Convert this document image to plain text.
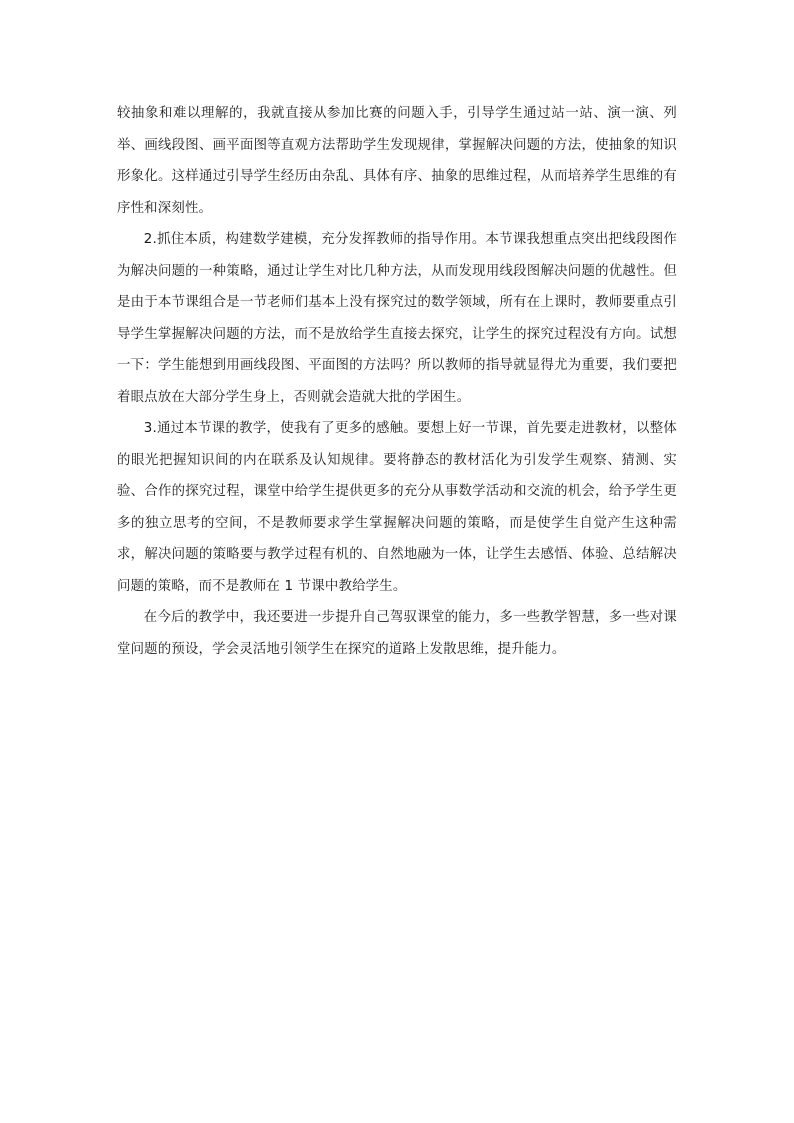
较抽象和难以理解的，我就直接从参加比赛的问题入手，引导学生通过站一站、演一演、列举、画线段图、画平面图等直观方法帮助学生发现规律，掌握解决问题的方法，使抽象的知识形象化。这样通过引导学生经历由杂乱、具体有序、抽象的思维过程，从而培养学生思维的有序性和深刻性。

2.抓住本质，构建数学建模，充分发挥教师的指导作用。本节课我想重点突出把线段图作为解决问题的一种策略，通过让学生对比几种方法，从而发现用线段图解决问题的优越性。但是由于本节课组合是一节老师们基本上没有探究过的数学领域，所有在上课时，教师要重点引导学生掌握解决问题的方法，而不是放给学生直接去探究，让学生的探究过程没有方向。试想一下：学生能想到用画线段图、平面图的方法吗？所以教师的指导就显得尤为重要，我们要把着眼点放在大部分学生身上，否则就会造就大批的学困生。

3.通过本节课的教学，使我有了更多的感触。要想上好一节课，首先要走进教材，以整体的眼光把握知识间的内在联系及认知规律。要将静态的教材活化为引发学生观察、猜测、实验、合作的探究过程，课堂中给学生提供更多的充分从事数学活动和交流的机会，给予学生更多的独立思考的空间，不是教师要求学生掌握解决问题的策略，而是使学生自觉产生这种需求，解决问题的策略要与教学过程有机的、自然地融为一体，让学生去感悟、体验、总结解决问题的策略，而不是教师在 1 节课中教给学生。

在今后的教学中，我还要进一步提升自己驾驭课堂的能力，多一些教学智慧，多一些对课堂问题的预设，学会灵活地引领学生在探究的道路上发散思维，提升能力。
